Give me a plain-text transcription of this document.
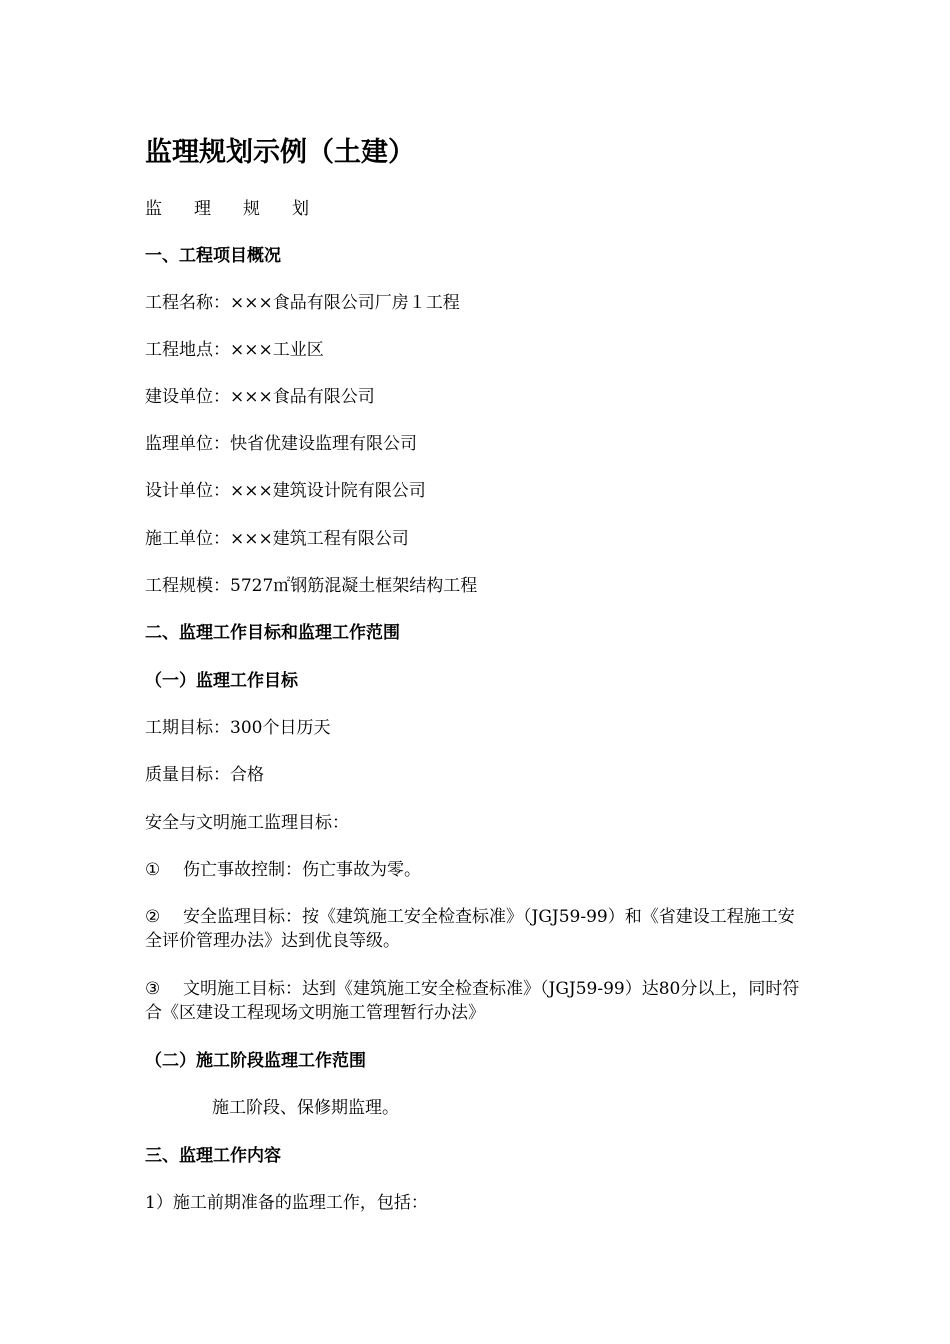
监理规划示例（土建）
监理规划
一、工程项目概况
工程名称：×××食品有限公司厂房１工程
工程地点：×××工业区
建设单位：×××食品有限公司
监理单位：快省优建设监理有限公司
设计单位：×××建筑设计院有限公司
施工单位：×××建筑工程有限公司
工程规模：5727㎡钢筋混凝土框架结构工程
二、监理工作目标和监理工作范围
（一）监理工作目标
工期目标：300个日历天
质量目标：合格
安全与文明施工监理目标：
① 伤亡事故控制：伤亡事故为零。
② 安全监理目标：按《建筑施工安全检查标准》（JGJ59-99）和《省建设工程施工安全评价管理办法》达到优良等级。
③ 文明施工目标：达到《建筑施工安全检查标准》（JGJ59-99）达80分以上，同时符合《区建设工程现场文明施工管理暂行办法》
（二）施工阶段监理工作范围
施工阶段、保修期监理。
三、监理工作内容
1）施工前期准备的监理工作，包括：
